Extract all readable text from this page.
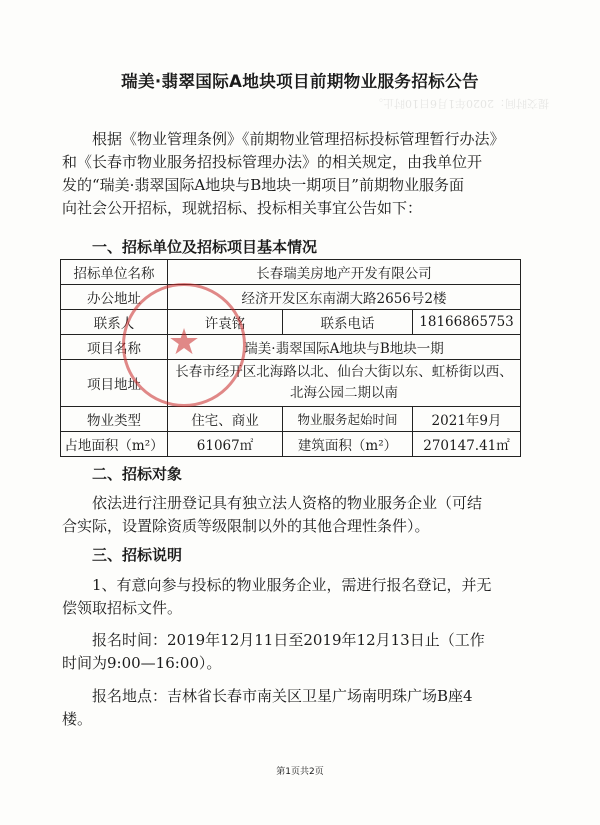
提交时间：2020年1月6日10时止。
瑞美·翡翠国际A地块项目前期物业服务招标公告
根据《物业管理条例》《前期物业管理招标投标管理暂行办法》
和《长春市物业服务招投标管理办法》的相关规定，由我单位开
发的“瑞美·翡翠国际A地块与B地块一期项目”前期物业服务面
向社会公开招标，现就招标、投标相关事宜公告如下：
一、招标单位及招标项目基本情况
招标单位名称	长春瑞美房地产开发有限公司		
办公地址	经济开发区东南湖大路2656号2楼		
联系人	许袁铭	联系电话	18166865753
项目名称	瑞美·翡翠国际A地块与B地块一期		
项目地址	长春市经开区北海路以北、仙台大街以东、虹桥街以西、北海公园二期以南		
物业类型	住宅、商业	物业服务起始时间	2021年9月
占地面积（m²）	61067㎡	建筑面积（m²）	270147.41㎡
★
二、招标对象
依法进行注册登记具有独立法人资格的物业服务企业（可结
合实际，设置除资质等级限制以外的其他合理性条件）。
三、招标说明
1、有意向参与投标的物业服务企业，需进行报名登记，并无
偿领取招标文件。
报名时间：2019年12月11日至2019年12月13日止（工作
时间为9:00—16:00）。
报名地点：吉林省长春市南关区卫星广场南明珠广场B座4
楼。
第1页共2页
